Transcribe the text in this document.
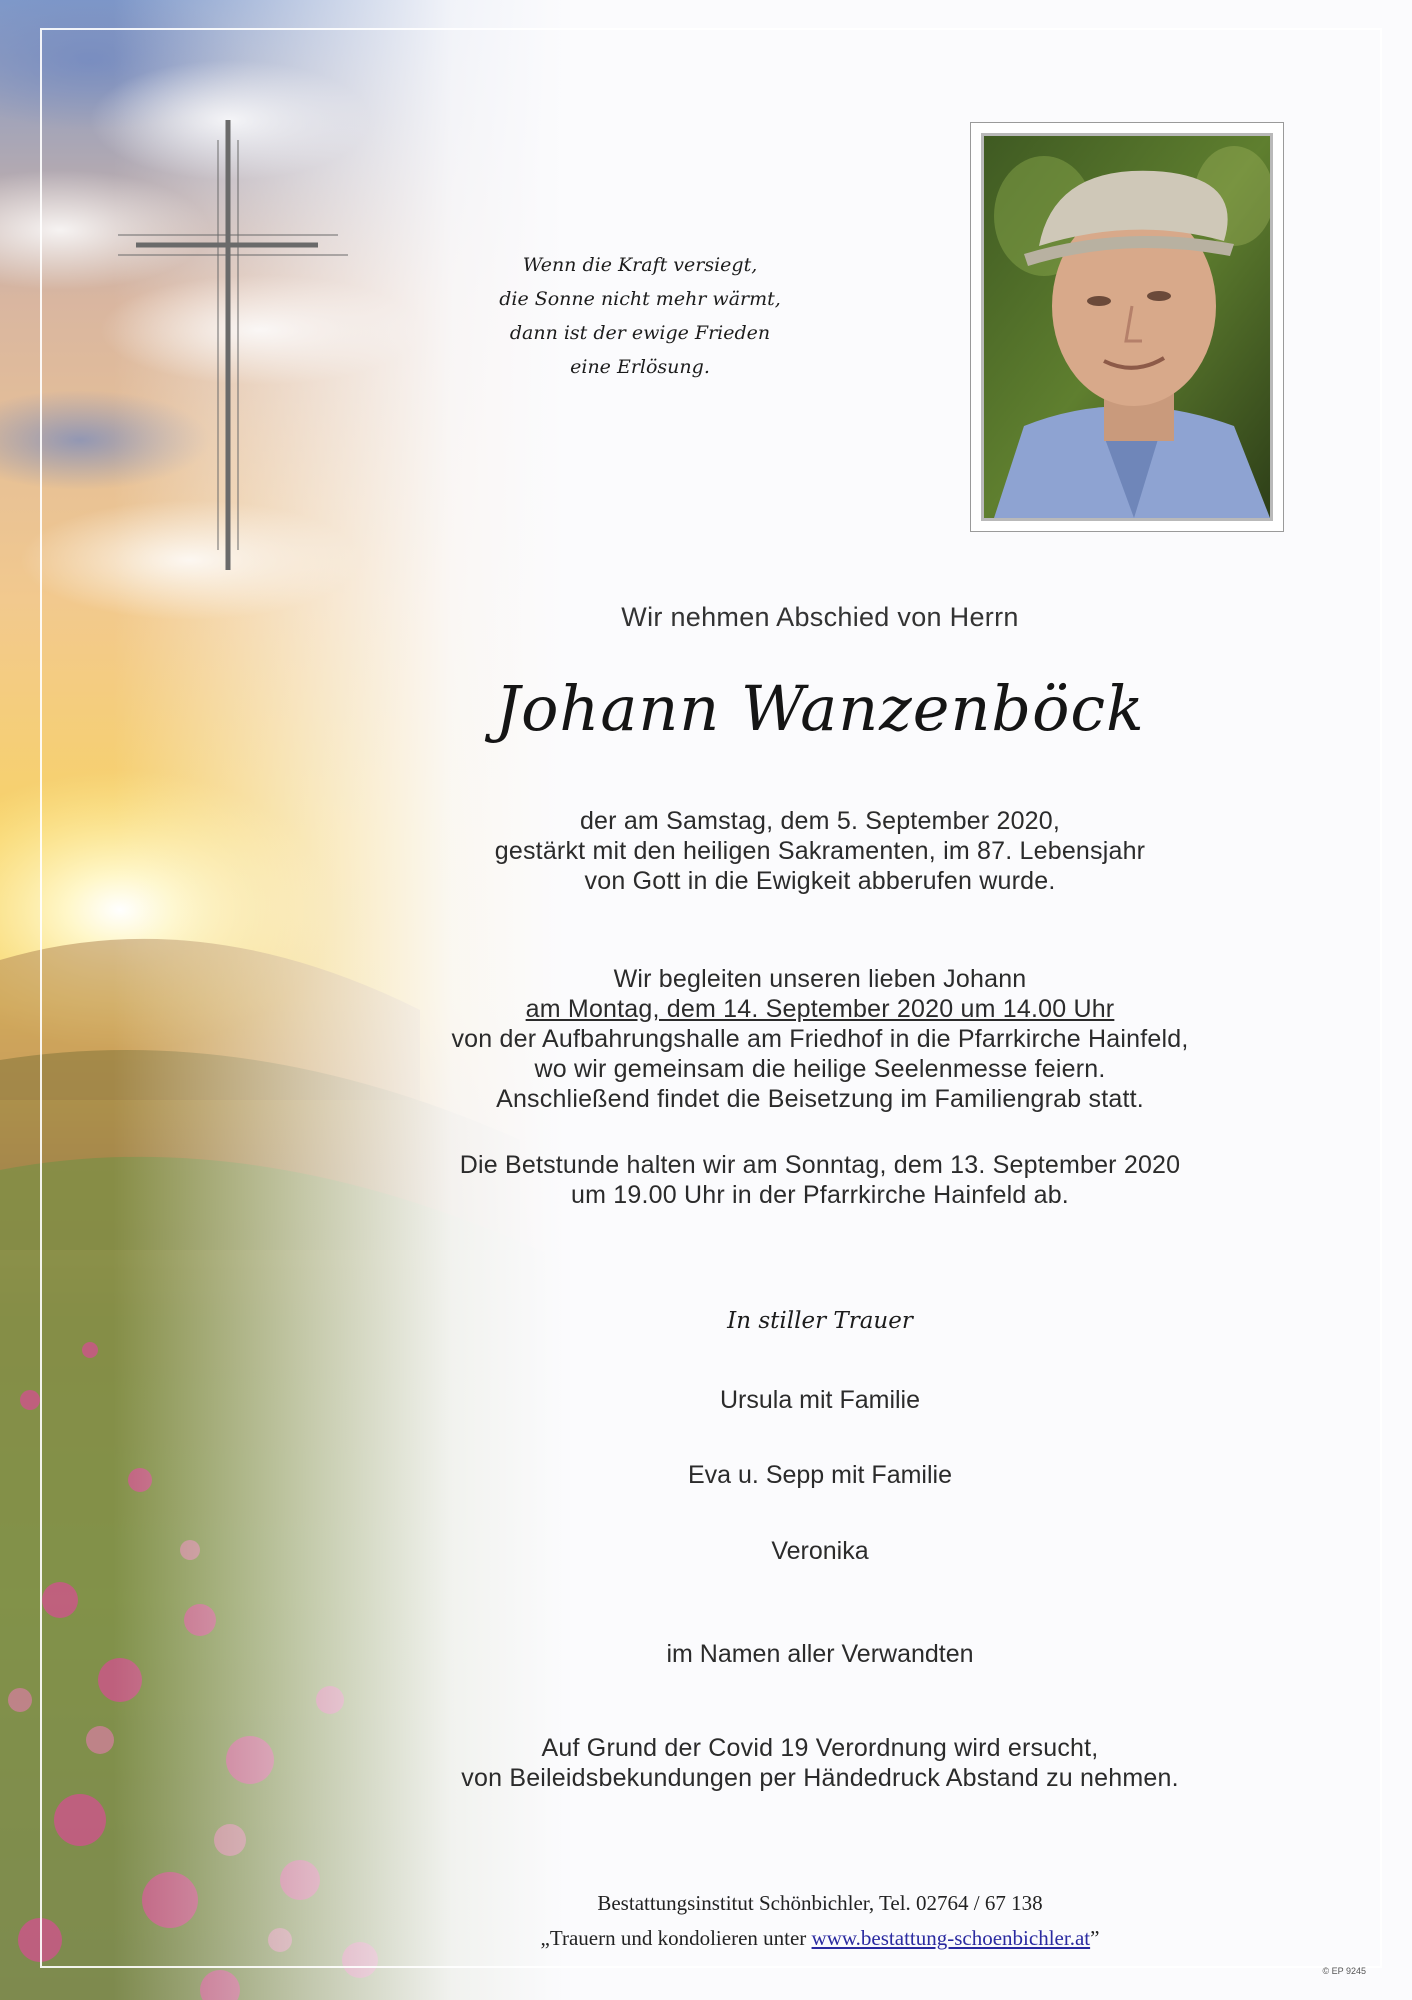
Wenn die Kraft versiegt,
die Sonne nicht mehr wärmt,
dann ist der ewige Frieden
eine Erlösung.
Wir nehmen Abschied von Herrn
Johann Wanzenböck
der am Samstag, dem 5. September 2020,
gestärkt mit den heiligen Sakramenten, im 87. Lebensjahr
von Gott in die Ewigkeit abberufen wurde.
Wir begleiten unseren lieben Johann
am Montag, dem 14. September 2020 um 14.00 Uhr
von der Aufbahrungshalle am Friedhof in die Pfarrkirche Hainfeld,
wo wir gemeinsam die heilige Seelenmesse feiern.
Anschließend findet die Beisetzung im Familiengrab statt.
Die Betstunde halten wir am Sonntag, dem 13. September 2020
um 19.00 Uhr in der Pfarrkirche Hainfeld ab.
In stiller Trauer
Ursula mit Familie
Eva u. Sepp mit Familie
Veronika
im Namen aller Verwandten
Auf Grund der Covid 19 Verordnung wird ersucht,
von Beileidsbekundungen per Händedruck Abstand zu nehmen.
Bestattungsinstitut Schönbichler, Tel. 02764 / 67 138
„Trauern und kondolieren unter www.bestattung-schoenbichler.at”
© EP 9245
